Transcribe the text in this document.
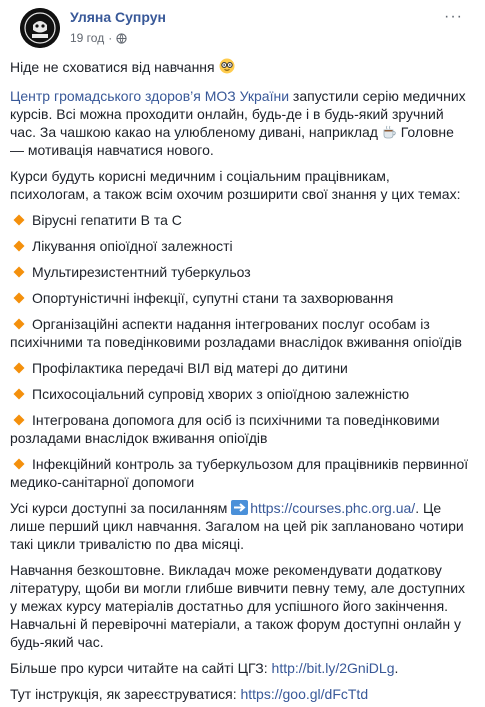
Уляна Супрун
19 год ·
···

Ніде не сховатися від навчання

Центр громадського здоров’я МОЗ України запустили серію медичних курсів. Всі можна проходити онлайн, будь-де і в будь-який зручний час. За чашкою какао на улюбленому дивані, наприклад  Головне — мотивація навчатися нового.

Курси будуть корисні медичним і соціальним працівникам, психологам, а також всім охочим розширити свої знання у цих темах:

Вірусні гепатити B та C
Лікування опіоїдної залежності
Мультирезистентний туберкульоз
Опортуністичні інфекції, супутні стани та захворювання
Організаційні аспекти надання інтегрованих послуг особам із психічними та поведінковими розладами внаслідок вживання опіоїдів
Профілактика передачі ВІЛ від матері до дитини
Психосоціальний супровід хворих з опіоїдною залежністю
Інтегрована допомога для осіб із психічними та поведінковими розладами внаслідок вживання опіоїдів
Інфекційний контроль за туберкульозом для працівників первинної медико-санітарної допомоги

Усі курси доступні за посиланням
https://courses.phc.org.ua/. Це лише перший цикл навчання. Загалом на цей рік заплановано чотири такі цикли тривалістю по два місяці.

Навчання безкоштовне. Викладач може рекомендувати додаткову літературу, щоби ви могли глибше вивчити певну тему, але доступних у межах курсу матеріалів достатньо для успішного його закінчення. Навчальні й перевірочні матеріали, а також форум доступні онлайн у будь-який час.

Більше про курси читайте на сайті ЦГЗ: http://bit.ly/2GniDLg.

Тут інструкція, як зареєструватися: https://goo.gl/dFcTtd
